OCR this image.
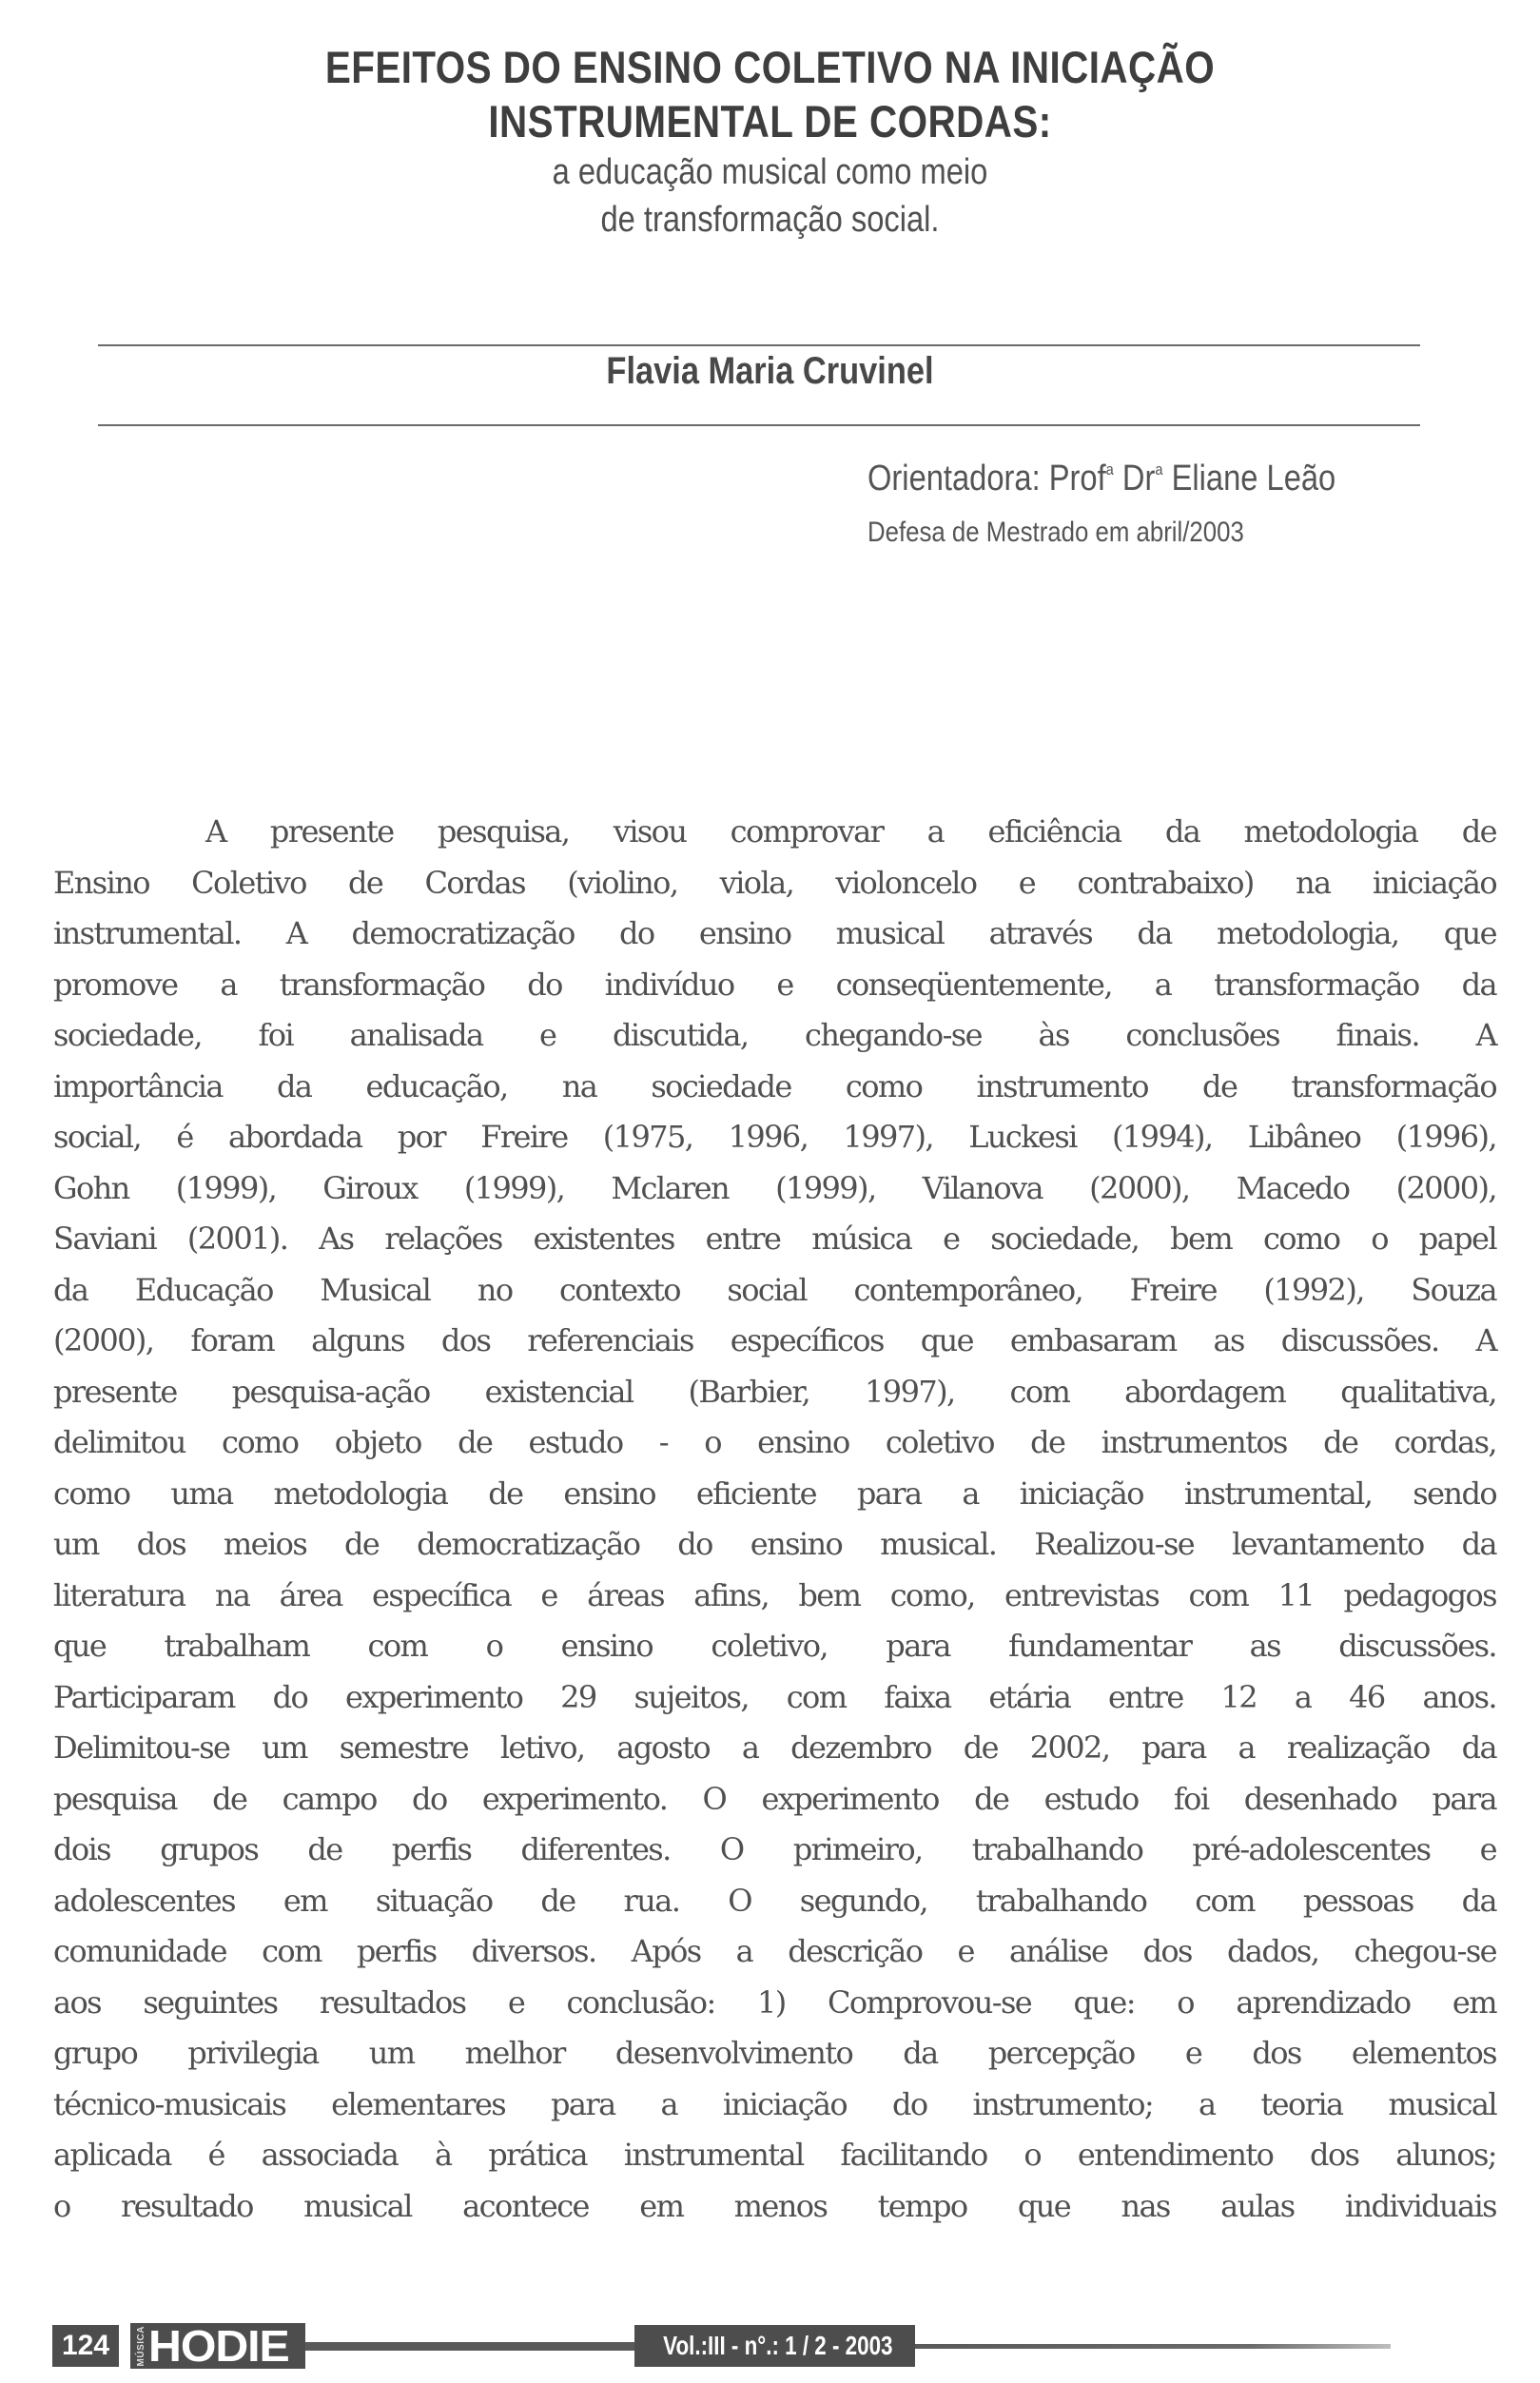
EFEITOS DO ENSINO COLETIVO NA INICIAÇÃO
INSTRUMENTAL DE CORDAS:
a educação musical como meio
de transformação social.
Flavia Maria Cruvinel
Orientadora: Prof$^a$ Dr$^a$ Eliane Leão
Defesa de Mestrado em abril/2003
A presente pesquisa, visou comprovar a eficiência da metodologia de
Ensino Coletivo de Cordas (violino, viola, violoncelo e contrabaixo) na iniciação
instrumental. A democratização do ensino musical através da metodologia, que
promove a transformação do indivíduo e conseqüentemente, a transformação da
sociedade, foi analisada e discutida, chegando-se às conclusões finais. A
importância da educação, na sociedade como instrumento de transformação
social, é abordada por Freire (1975, 1996, 1997), Luckesi (1994), Libâneo (1996),
Gohn (1999), Giroux (1999), Mclaren (1999), Vilanova (2000), Macedo (2000),
Saviani (2001). As relações existentes entre música e sociedade, bem como o papel
da Educação Musical no contexto social contemporâneo, Freire (1992), Souza
(2000), foram alguns dos referenciais específicos que embasaram as discussões. A
presente pesquisa-ação existencial (Barbier, 1997), com abordagem qualitativa,
delimitou como objeto de estudo - o ensino coletivo de instrumentos de cordas,
como uma metodologia de ensino eficiente para a iniciação instrumental, sendo
um dos meios de democratização do ensino musical. Realizou-se levantamento da
literatura na área específica e áreas afins, bem como, entrevistas com 11 pedagogos
que trabalham com o ensino coletivo, para fundamentar as discussões.
Participaram do experimento 29 sujeitos, com faixa etária entre 12 a 46 anos.
Delimitou-se um semestre letivo, agosto a dezembro de 2002, para a realização da
pesquisa de campo do experimento. O experimento de estudo foi desenhado para
dois grupos de perfis diferentes. O primeiro, trabalhando pré-adolescentes e
adolescentes em situação de rua. O segundo, trabalhando com pessoas da
comunidade com perfis diversos. Após a descrição e análise dos dados, chegou-se
aos seguintes resultados e conclusão: 1) Comprovou-se que: o aprendizado em
grupo privilegia um melhor desenvolvimento da percepção e dos elementos
técnico-musicais elementares para a iniciação do instrumento; a teoria musical
aplicada é associada à prática instrumental facilitando o entendimento dos alunos;
o resultado musical acontece em menos tempo que nas aulas individuais
124	MÚSICA HODIE	Vol.:III - n°.: 1 / 2 - 2003
